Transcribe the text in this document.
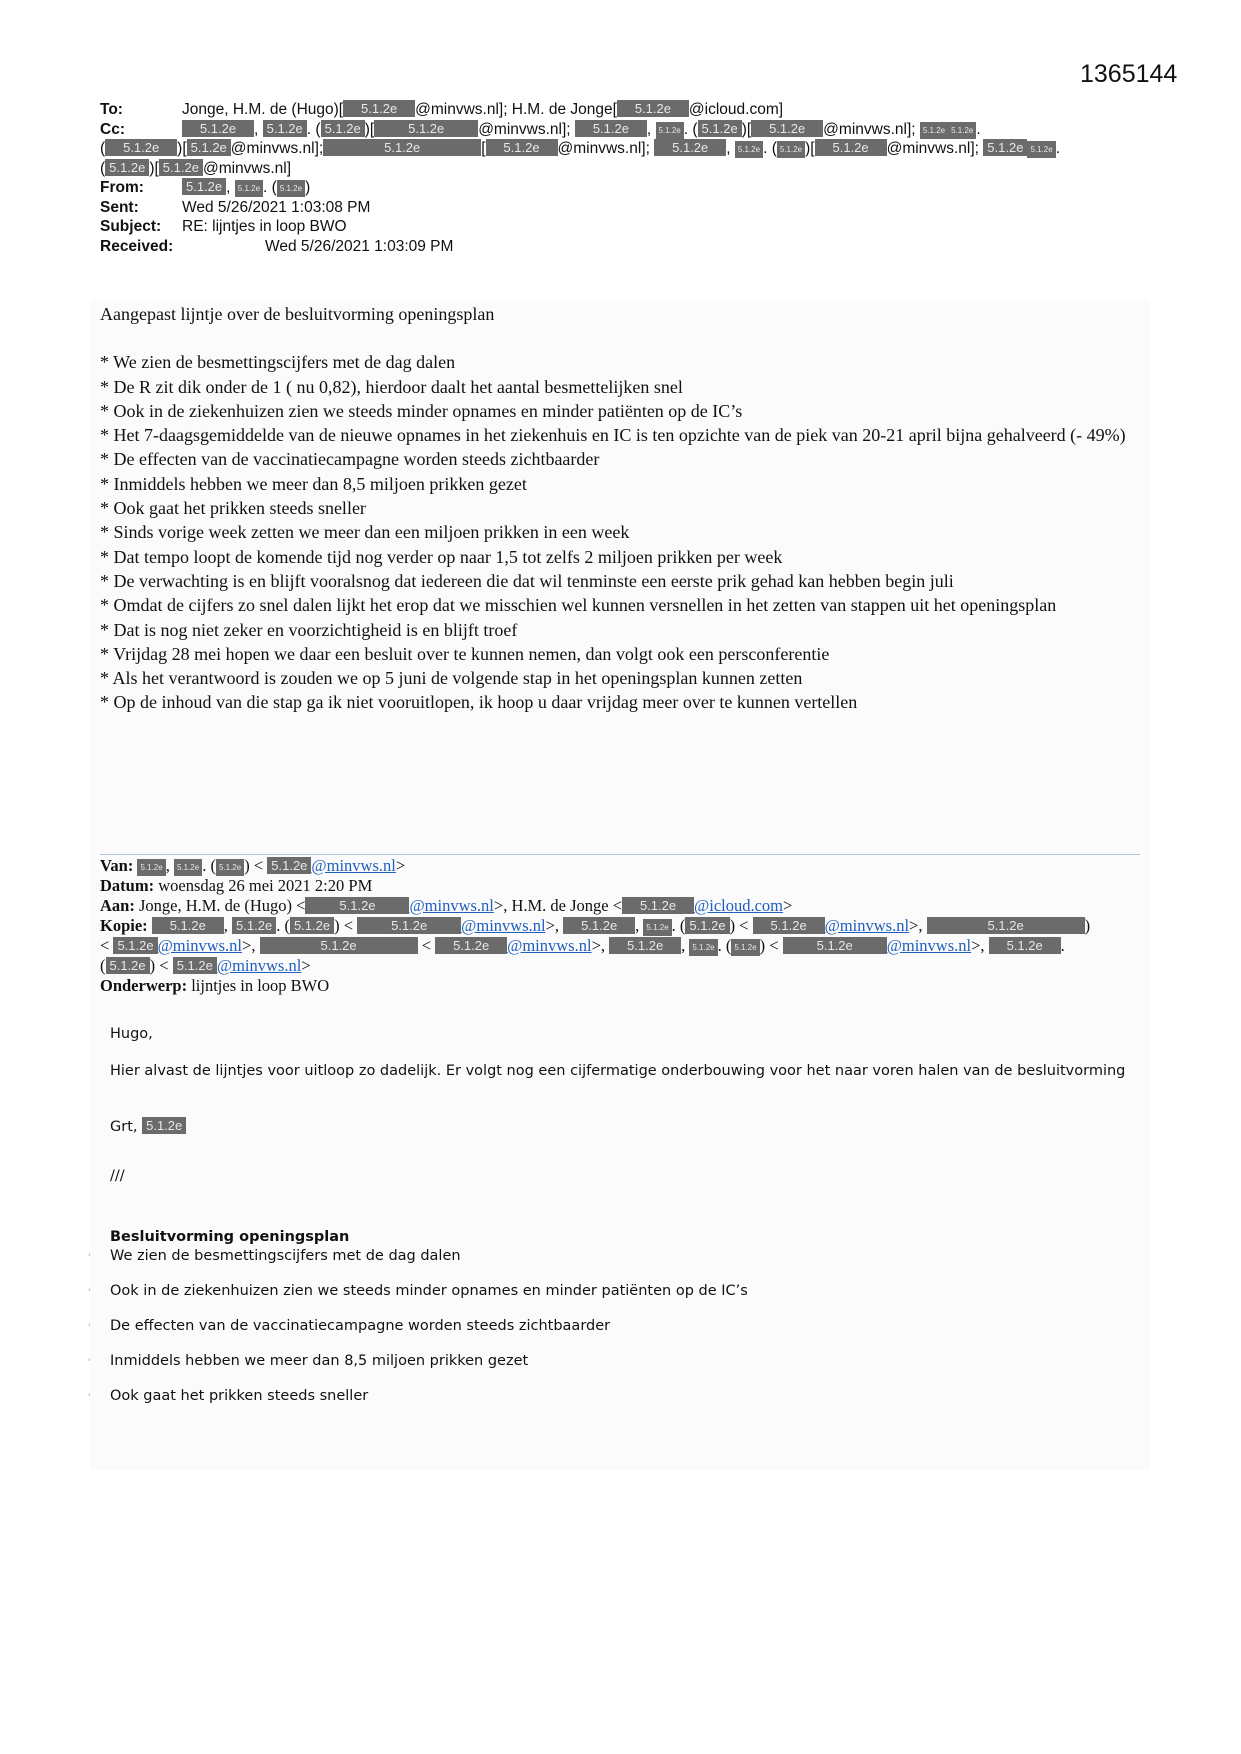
1365144
To:	Jonge, H.M. de (Hugo)[ 5.1.2e @minvws.nl]; H.M. de Jonge[ 5.1.2e @icloud.com]
Cc:	5.1.2e , 5.1.2e . ( 5.1.2e )[	5.1.2e @minvws.nl]; 5.1.2e , 5.1.2e . ( 5.1.2e )[ 5.1.2e @minvws.nl]; 5.1.2e 5.1.2e .
( 5.1.2e )[ 5.1.2e @minvws.nl];	5.1.2e	[ 5.1.2e @minvws.nl]; 5.1.2e , 5.1.2e . ( 5.1.2e )[ 5.1.2e @minvws.nl]; 5.1.2e 5.1.2e .
( 5.1.2e )[ 5.1.2e @minvws.nl]
From:	5.1.2e , 5.1.2e . ( 5.1.2e )
Sent:	Wed 5/26/2021 1:03:08 PM
Subject: RE: lijntjes in loop BWO
Received:	Wed 5/26/2021 1:03:09 PM

Aangepast lijntje over de besluitvorming openingsplan

* We zien de besmettingscijfers met de dag dalen

* De R zit dik onder de 1 ( nu 0,82), hierdoor daalt het aantal besmettelijken snel

* Ook in de ziekenhuizen zien we steeds minder opnames en minder patiënten op de IC’s

* Het 7-daagsgemiddelde van de nieuwe opnames in het ziekenhuis en IC is ten opzichte van de piek van 20-21 april bijna gehalveerd (- 49%)

* De effecten van de vaccinatiecampagne worden steeds zichtbaarder

* Inmiddels hebben we meer dan 8,5 miljoen prikken gezet

* Ook gaat het prikken steeds sneller

* Sinds vorige week zetten we meer dan een miljoen prikken in een week

* Dat tempo loopt de komende tijd nog verder op naar 1,5 tot zelfs 2 miljoen prikken per week

* De verwachting is en blijft vooralsnog dat iedereen die dat wil tenminste een eerste prik gehad kan hebben begin juli

* Omdat de cijfers zo snel dalen lijkt het erop dat we misschien wel kunnen versnellen in het zetten van stappen uit het openingsplan

* Dat is nog niet zeker en voorzichtigheid is en blijft troef

* Vrijdag 28 mei hopen we daar een besluit over te kunnen nemen, dan volgt ook een persconferentie

* Als het verantwoord is zouden we op 5 juni de volgende stap in het openingsplan kunnen zetten

* Op de inhoud van die stap ga ik niet vooruitlopen, ik hoop u daar vrijdag meer over te kunnen vertellen

Van: 5.1.2e , 5.1.2e . ( 5.1.2e ) < 5.1.2e @minvws.nl>
Datum: woensdag 26 mei 2021 2:20 PM
Aan: Jonge, H.M. de (Hugo) <	5.1.2e @minvws.nl>, H.M. de Jonge < 5.1.2e @icloud.com>
Kopie: 5.1.2e , 5.1.2e . ( 5.1.2e ) <	5.1.2e @minvws.nl>, 5.1.2e , 5.1.2e . ( 5.1.2e ) < 5.1.2e @minvws.nl>,	5.1.2e	)
< 5.1.2e @minvws.nl>,	5.1.2e	< 5.1.2e @minvws.nl>, 5.1.2e , 5.1.2e . ( 5.1.2e ) <	5.1.2e @minvws.nl>, 5.1.2e .
( 5.1.2e ) < 5.1.2e @minvws.nl>
Onderwerp: lijntjes in loop BWO

Hugo,

Hier alvast de lijntjes voor uitloop zo dadelijk. Er volgt nog een cijfermatige onderbouwing voor het naar voren halen van de besluitvorming

Grt, 5.1.2e

///

Besluitvorming openingsplan

' We zien de besmettingscijfers met de dag dalen

' Ook in de ziekenhuizen zien we steeds minder opnames en minder patiënten op de IC’s

' De effecten van de vaccinatiecampagne worden steeds zichtbaarder

' Inmiddels hebben we meer dan 8,5 miljoen prikken gezet

' Ook gaat het prikken steeds sneller
